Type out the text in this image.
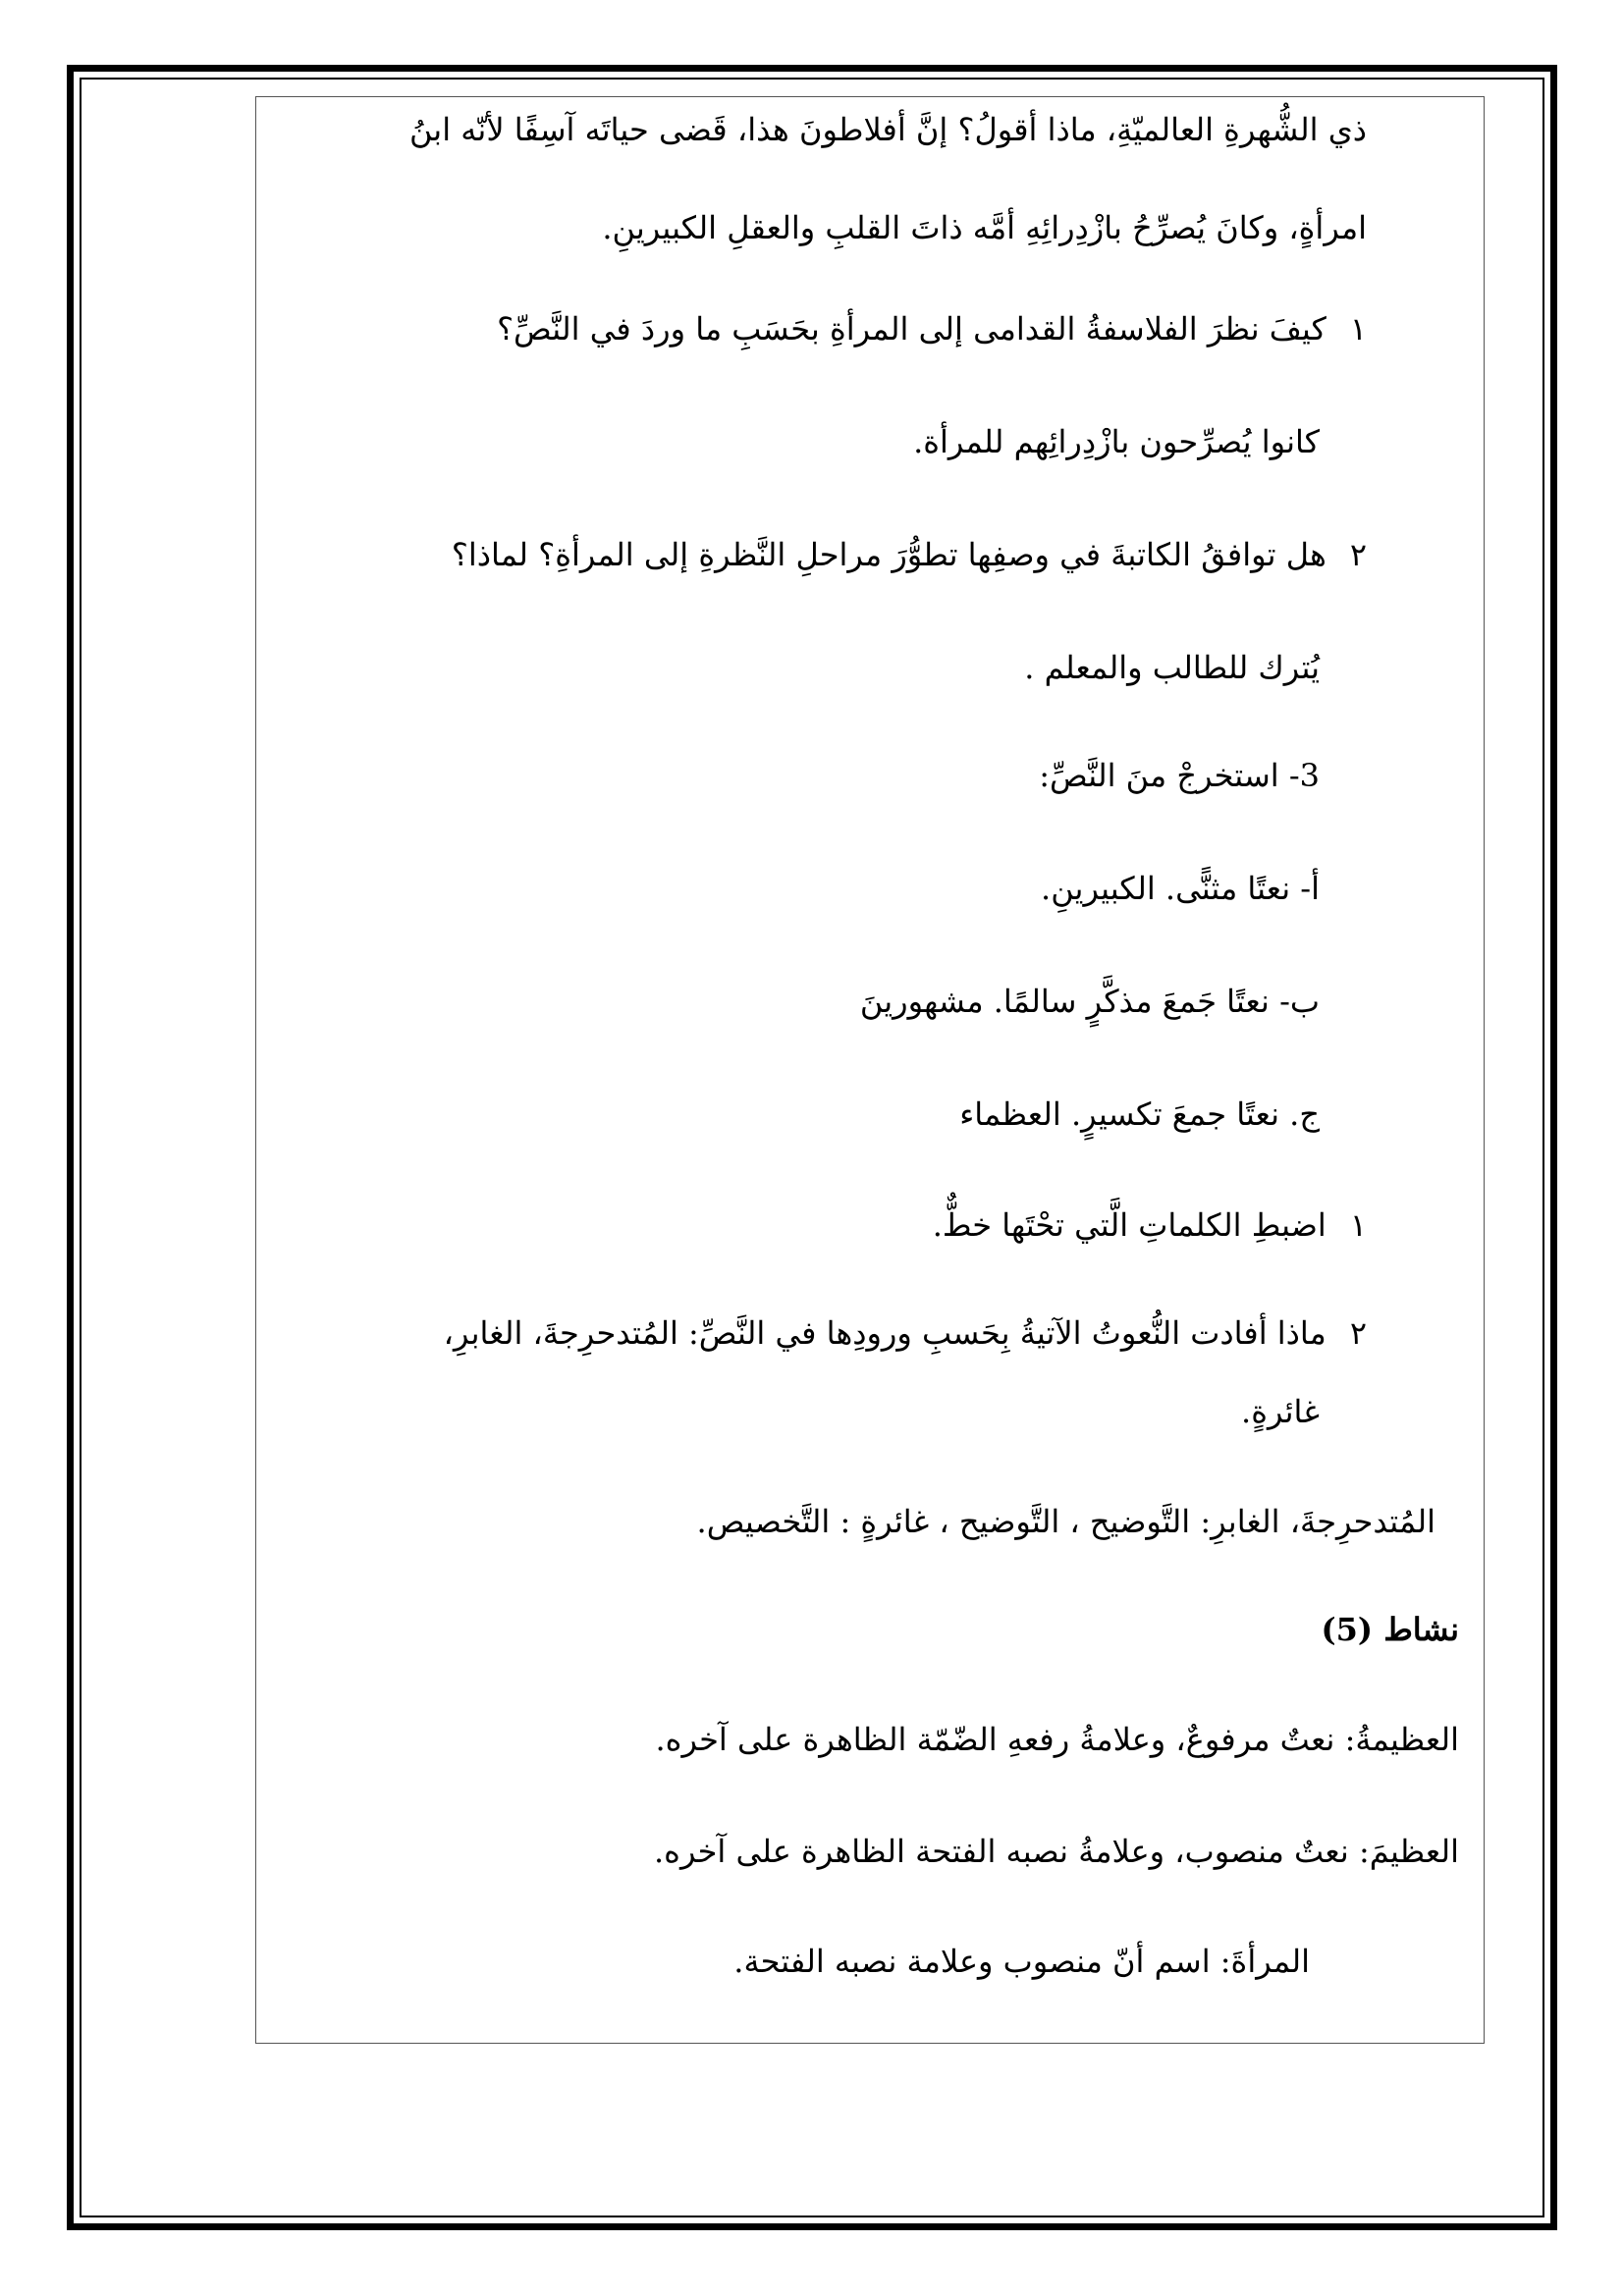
ذي الشُّهرةِ العالميّةِ، ماذا أقولُ؟ إنَّ أفلاطونَ هذا، قَضى حياتَه آسِفًا لأنّه ابنُ

امرأةٍ، وكانَ يُصرِّحُ بازْدِرائِهِ أمَّه ذاتَ القلبِ والعقلِ الكبيرينِ.

١كيفَ نظرَ الفلاسفةُ القدامى إلى المرأةِ بحَسَبِ ما وردَ في النَّصِّ؟

كانوا يُصرِّحون بازْدِرائِهم للمرأة.

٢هل توافقُ الكاتبةَ في وصفِها تطوُّرَ مراحلِ النَّظرةِ إلى المرأةِ؟ لماذا؟

يُترك للطالب والمعلم .

3- استخرجْ منَ النَّصِّ:

أ- نعتًا مثنًّى. الكبيرينِ.

ب- نعتًا جَمعَ مذكَّرٍ سالمًا. مشهورينَ

ج. نعتًا جمعَ تكسيرٍ. العظماء

١اضبطِ الكلماتِ الَّتي تحْتَها خطٌّ.

٢ماذا أفادت النُّعوتُ الآتيةُ بِحَسبِ ورودِها في النَّصِّ: المُتدحرِجةَ، الغابرِ،

غائرةٍ.

المُتدحرِجةَ، الغابرِ: التَّوضيح ، التَّوضيح ، غائرةٍ : التَّخصيص.

نشاط (5)

العظيمةُ: نعتٌ مرفوعٌ، وعلامةُ رفعهِ الضّمّة الظاهرة على آخره.

العظيمَ: نعتٌ منصوب، وعلامةُ نصبه الفتحة الظاهرة على آخره.

المرأةَ: اسم أنّ منصوب وعلامة نصبه الفتحة.
